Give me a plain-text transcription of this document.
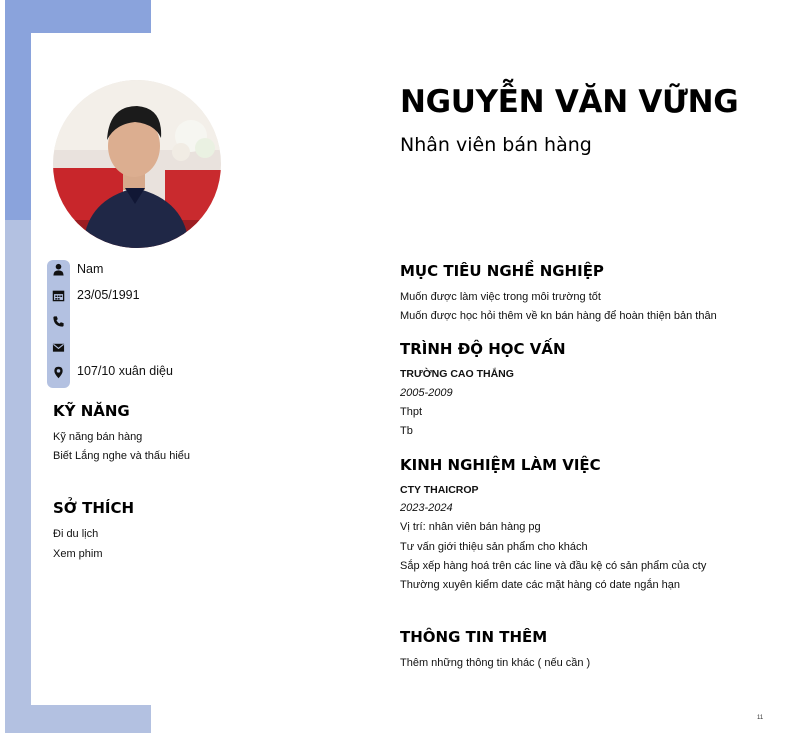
Nam
23/05/1991
107/10 xuân diệu
KỸ NĂNG
Kỹ năng bán hàng
Biết Lắng nghe và thấu hiểu
SỞ THÍCH
Đi du lịch
Xem phim
NGUYỄN VĂN VỮNG
Nhân viên bán hàng
MỤC TIÊU NGHỀ NGHIỆP
Muốn được làm việc trong môi trường tốt
Muốn được học hỏi thêm về kn bán hàng để hoàn thiện bản thân
TRÌNH ĐỘ HỌC VẤN
TRƯỜNG CAO THẮNG
2005-2009
Thpt
Tb
KINH NGHIỆM LÀM VIỆC
CTY THAICROP
2023-2024
Vị trí: nhân viên bán hàng pg
Tư vấn giới thiệu sản phẩm cho khách
Sắp xếp hàng hoá trên các line và đầu kệ có sản phẩm của cty
Thường xuyên kiểm date các mặt hàng có date ngắn hạn
THÔNG TIN THÊM
Thêm những thông tin khác ( nếu cần )
11
